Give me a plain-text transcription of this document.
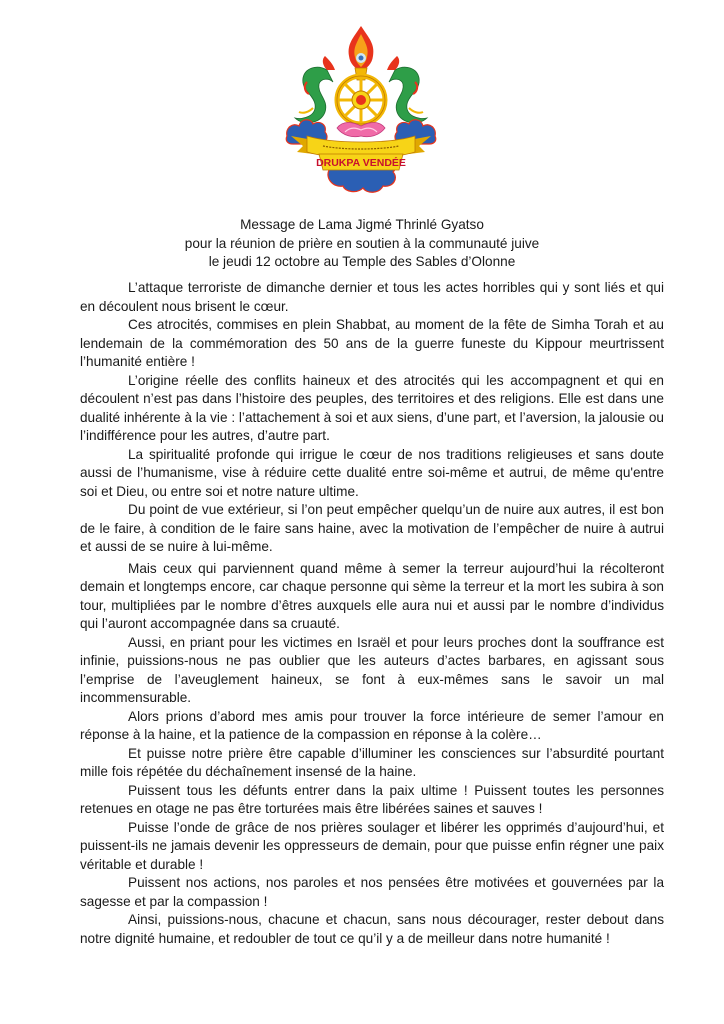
DRUKPA VENDÉE
Message de Lama Jigmé Thrinlé Gyatso
pour la réunion de prière en soutien à la communauté juive
le jeudi 12 octobre au Temple des Sables d’Olonne

L’attaque terroriste de dimanche dernier et tous les actes horribles qui y sont liés et qui en découlent nous brisent le cœur.

Ces atrocités, commises en plein Shabbat, au moment de la fête de Simha Torah et au lendemain de la commémoration des 50 ans de la guerre funeste du Kippour meurtrissent l’humanité entière !

L’origine réelle des conflits haineux et des atrocités qui les accompagnent et qui en découlent n’est pas dans l’histoire des peuples, des territoires et des religions. Elle est dans une dualité inhérente à la vie : l’attachement à soi et aux siens, d’une part, et l’aversion, la jalousie ou l’indifférence pour les autres, d’autre part.

La spiritualité profonde qui irrigue le cœur de nos traditions religieuses et sans doute aussi de l’humanisme, vise à réduire cette dualité entre soi-même et autrui, de même qu'entre soi et Dieu, ou entre soi et notre nature ultime.

Du point de vue extérieur, si l’on peut empêcher quelqu’un de nuire aux autres, il est bon de le faire, à condition de le faire sans haine, avec la motivation de l’empêcher de nuire à autrui et aussi de se nuire à lui-même.

Mais ceux qui parviennent quand même à semer la terreur aujourd’hui la récolteront demain et longtemps encore, car chaque personne qui sème la terreur et la mort les subira à son tour, multipliées par le nombre d’êtres auxquels elle aura nui et aussi par le nombre d’individus qui l’auront accompagnée dans sa cruauté.

Aussi, en priant pour les victimes en Israël et pour leurs proches dont la souffrance est infinie, puissions-nous ne pas oublier que les auteurs d’actes barbares, en agissant sous l’emprise de l’aveuglement haineux, se font à eux-mêmes sans le savoir un mal incommensurable.

Alors prions d’abord mes amis pour trouver la force intérieure de semer l’amour en réponse à la haine, et la patience de la compassion en réponse à la colère…

Et puisse notre prière être capable d’illuminer les consciences sur l’absurdité pourtant mille fois répétée du déchaînement insensé de la haine.

Puissent tous les défunts entrer dans la paix ultime ! Puissent toutes les personnes retenues en otage ne pas être torturées mais être libérées saines et sauves !

Puisse l’onde de grâce de nos prières soulager et libérer les opprimés d’aujourd’hui, et puissent-ils ne jamais devenir les oppresseurs de demain, pour que puisse enfin régner une paix véritable et durable !

Puissent nos actions, nos paroles et nos pensées être motivées et gouvernées par la sagesse et par la compassion !

Ainsi, puissions-nous, chacune et chacun, sans nous décourager, rester debout dans notre dignité humaine, et redoubler de tout ce qu’il y a de meilleur dans notre humanité !
